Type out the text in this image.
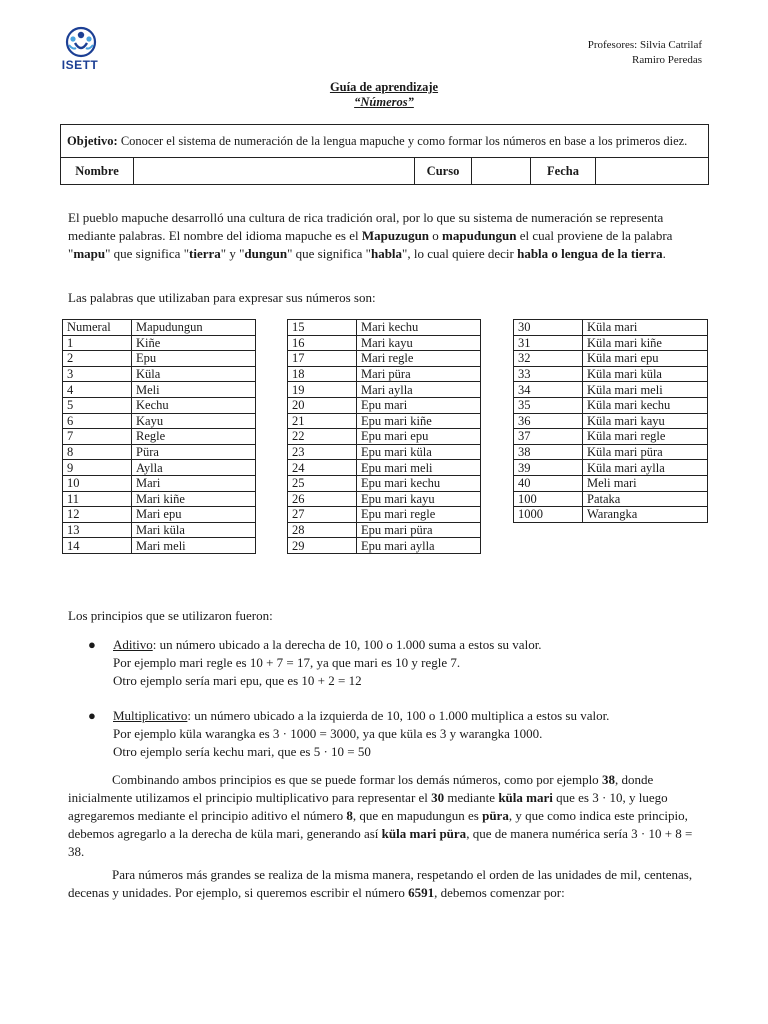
ISETT
Profesores: Silvia Catrilaf
Ramiro Peredas
Guía de aprendizaje
“Números”
Objetivo: Conocer el sistema de numeración de la lengua mapuche y como formar los números en base a los primeros diez.
Nombre		Curso		Fecha	
El pueblo mapuche desarrolló una cultura de rica tradición oral, por lo que su sistema de numeración se representa mediante palabras. El nombre del idioma mapuche es el Mapuzugun o mapudungun el cual proviene de la palabra "mapu" que significa "tierra" y "dungun" que significa "habla", lo cual quiere decir habla o lengua de la tierra.
Las palabras que utilizaban para expresar sus números son:
Numeral	Mapudungun
1	Kiñe
2	Epu
3	Küla
4	Meli
5	Kechu
6	Kayu
7	Regle
8	Püra
9	Aylla
10	Mari
11	Mari kiñe
12	Mari epu
13	Mari küla
14	Mari meli
15	Mari kechu
16	Mari kayu
17	Mari regle
18	Mari püra
19	Mari aylla
20	Epu mari
21	Epu mari kiñe
22	Epu mari epu
23	Epu mari küla
24	Epu mari meli
25	Epu mari kechu
26	Epu mari kayu
27	Epu mari regle
28	Epu mari püra
29	Epu mari aylla
30	Küla mari
31	Küla mari kiñe
32	Küla mari epu
33	Küla mari küla
34	Küla mari meli
35	Küla mari kechu
36	Küla mari kayu
37	Küla mari regle
38	Küla mari püra
39	Küla mari aylla
40	Meli mari
100	Pataka
1000	Warangka
Los principios que se utilizaron fueron:
● Aditivo: un número ubicado a la derecha de 10, 100 o 1.000 suma a estos su valor.
Por ejemplo mari regle es 10 + 7 = 17, ya que mari es 10 y regle 7.
Otro ejemplo sería mari epu, que es 10 + 2 = 12
● Multiplicativo: un número ubicado a la izquierda de 10, 100 o 1.000 multiplica a estos su valor.
Por ejemplo küla warangka es 3 · 1000 = 3000, ya que küla es 3 y warangka 1000.
Otro ejemplo sería kechu mari, que es 5 · 10 = 50
Combinando ambos principios es que se puede formar los demás números, como por ejemplo 38, donde inicialmente utilizamos el principio multiplicativo para representar el 30 mediante küla mari que es 3 · 10, y luego agregaremos mediante el principio aditivo el número 8, que en mapudungun es püra, y que como indica este principio, debemos agregarlo a la derecha de küla mari, generando así küla mari püra, que de manera numérica sería 3 · 10 + 8 = 38.
Para números más grandes se realiza de la misma manera, respetando el orden de las unidades de mil, centenas, decenas y unidades. Por ejemplo, si queremos escribir el número 6591, debemos comenzar por:
